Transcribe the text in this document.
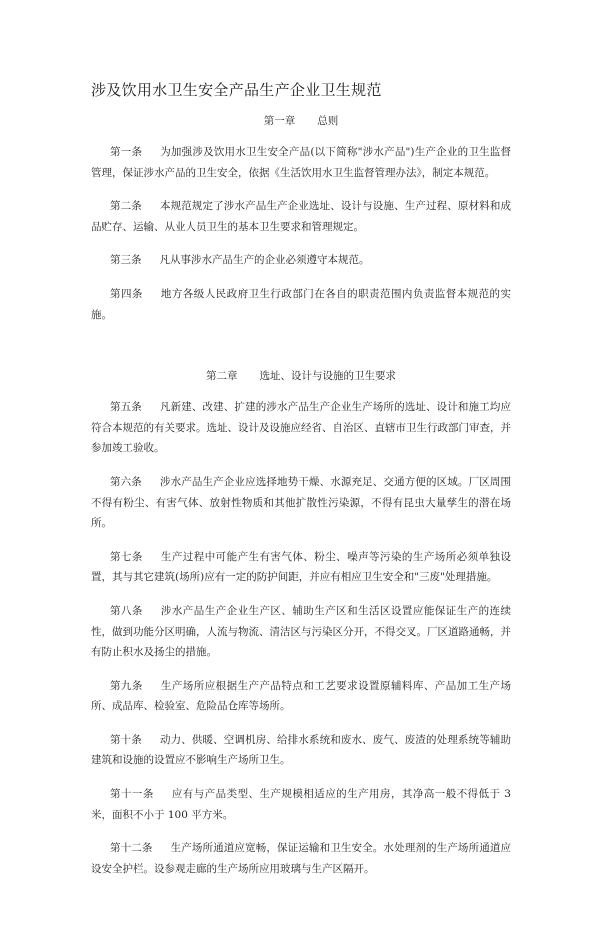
涉及饮用水卫生安全产品生产企业卫生规范
第一章 总则
第一条 为加强涉及饮用水卫生安全产品(以下简称"涉水产品")生产企业的卫生监督管理，保证涉水产品的卫生安全，依据《生活饮用水卫生监督管理办法》，制定本规范。
第二条 本规范规定了涉水产品生产企业选址、设计与设施、生产过程、原材料和成品贮存、运输、从业人员卫生的基本卫生要求和管理规定。
第三条 凡从事涉水产品生产的企业必须遵守本规范。
第四条 地方各级人民政府卫生行政部门在各自的职责范围内负责监督本规范的实施。
第二章 选址、设计与设施的卫生要求
第五条 凡新建、改建、扩建的涉水产品生产企业生产场所的选址、设计和施工均应符合本规范的有关要求。选址、设计及设施应经省、自治区、直辖市卫生行政部门审查，并参加竣工验收。
第六条 涉水产品生产企业应选择地势干燥、水源充足、交通方便的区域。厂区周围不得有粉尘、有害气体、放射性物质和其他扩散性污染源，不得有昆虫大量孳生的潜在场所。
第七条 生产过程中可能产生有害气体、粉尘、噪声等污染的生产场所必须单独设置，其与其它建筑(场所)应有一定的防护间距，并应有相应卫生安全和"三废"处理措施。
第八条 涉水产品生产企业生产区、辅助生产区和生活区设置应能保证生产的连续性，做到功能分区明确，人流与物流、清洁区与污染区分开，不得交叉。厂区道路通畅，并有防止积水及扬尘的措施。
第九条 生产场所应根据生产产品特点和工艺要求设置原辅料库、产品加工生产场所、成品库、检验室、危险品仓库等场所。
第十条 动力、供暖、空调机房、给排水系统和废水、废气、废渣的处理系统等辅助建筑和设施的设置应不影响生产场所卫生。
第十一条 应有与产品类型、生产规模相适应的生产用房，其净高一般不得低于 3 米，面积不小于 100 平方米。
第十二条 生产场所通道应宽畅，保证运输和卫生安全。水处理剂的生产场所通道应设安全护栏。设参观走廊的生产场所应用玻璃与生产区隔开。
